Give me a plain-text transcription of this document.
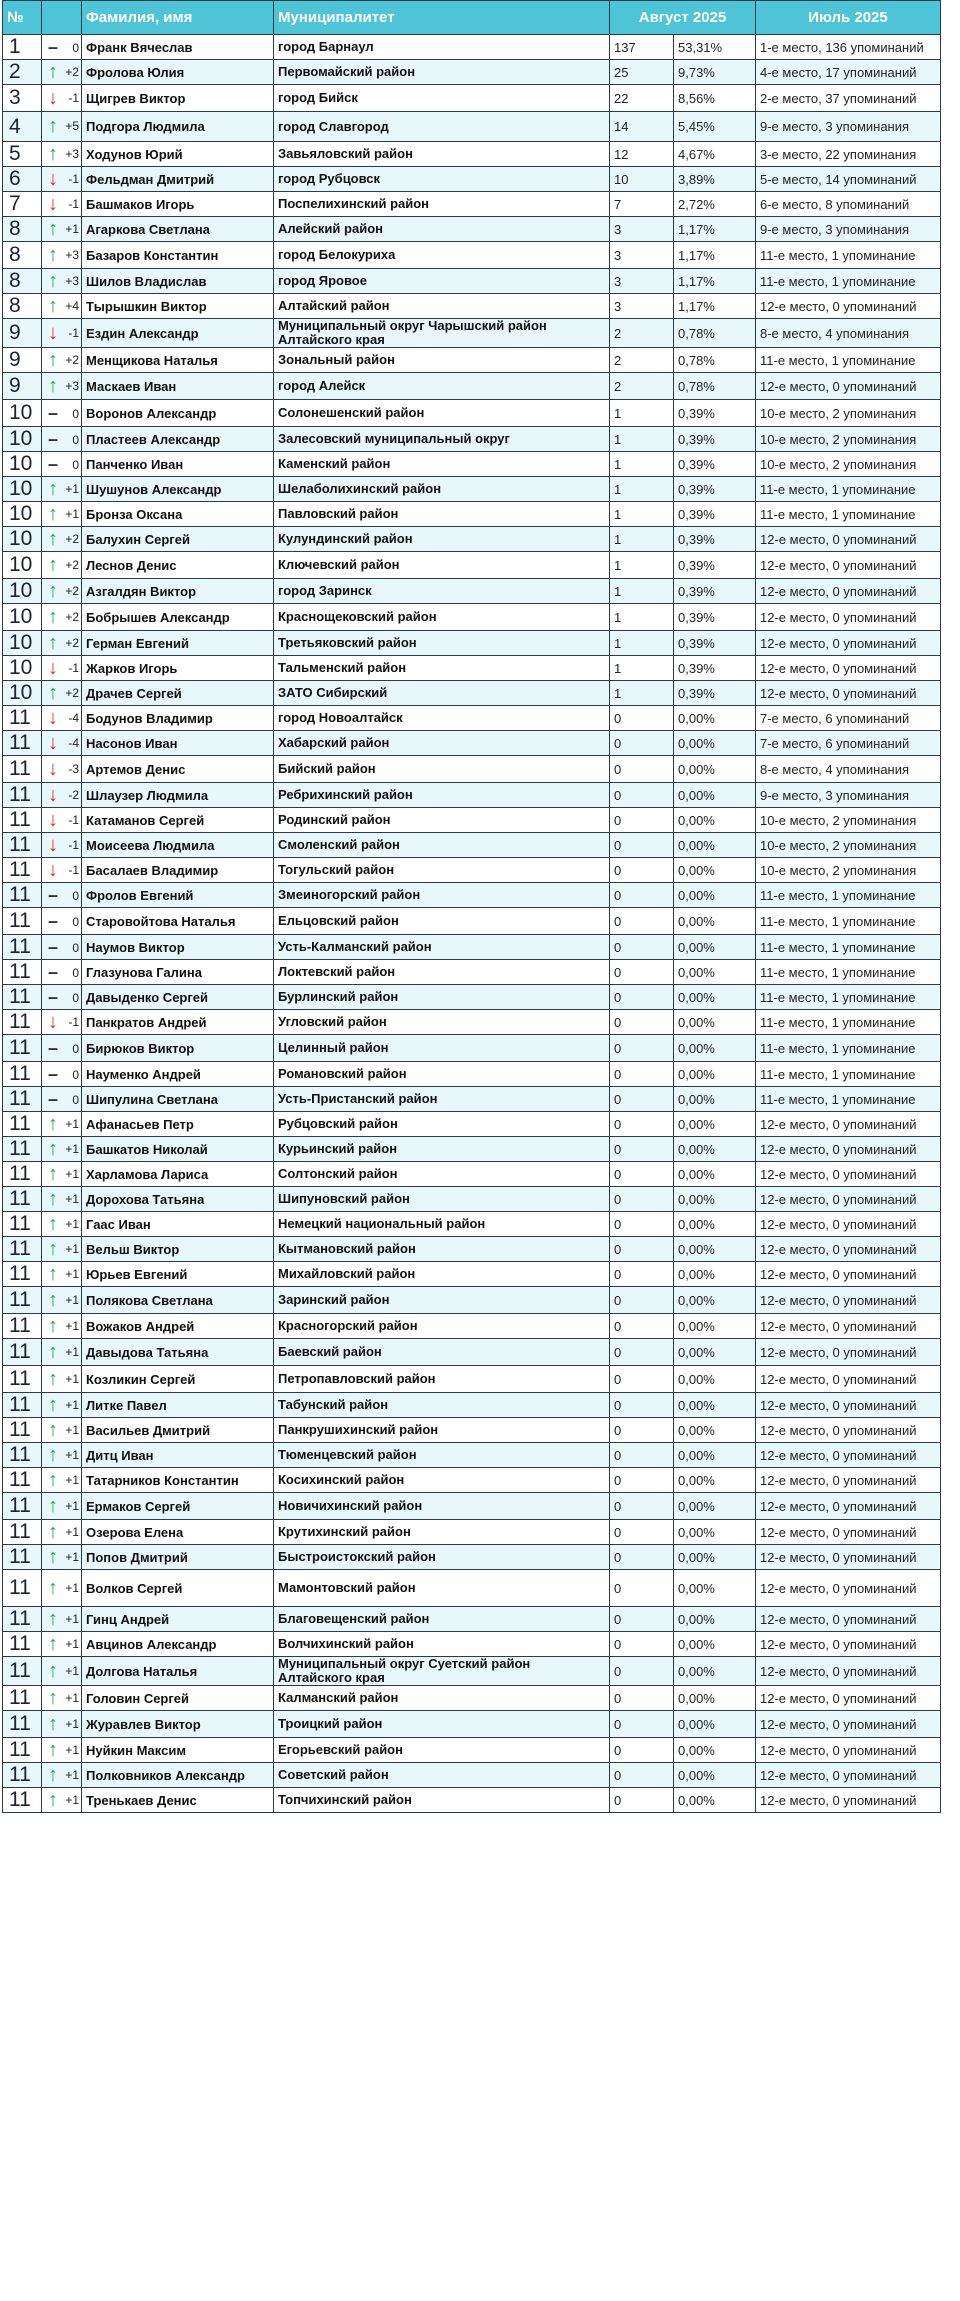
№		Фамилия, имя	Муниципалитет	Август 2025		Июль 2025
1	– 0	Франк Вячеслав	город Барнаул	137	53,31%	1-е место, 136 упоминаний
2	↑ +2	Фролова Юлия	Первомайский район	25	9,73%	4-е место, 17 упоминаний
3	↓ -1	Щигрев Виктор	город Бийск	22	8,56%	2-е место, 37 упоминаний
4	↑ +5	Подгора Людмила	город Славгород	14	5,45%	9-е место, 3 упоминания
5	↑ +3	Ходунов Юрий	Завьяловский район	12	4,67%	3-е место, 22 упоминания
6	↓ -1	Фельдман Дмитрий	город Рубцовск	10	3,89%	5-е место, 14 упоминаний
7	↓ -1	Башмаков Игорь	Поспелихинский район	7	2,72%	6-е место, 8 упоминаний
8	↑ +1	Агаркова Светлана	Алейский район	3	1,17%	9-е место, 3 упоминания
8	↑ +3	Базаров Константин	город Белокуриха	3	1,17%	11-е место, 1 упоминание
8	↑ +3	Шилов Владислав	город Яровое	3	1,17%	11-е место, 1 упоминание
8	↑ +4	Тырышкин Виктор	Алтайский район	3	1,17%	12-е место, 0 упоминаний
9	↓ -1	Ездин Александр	Муниципальный округ Чарышский район Алтайского края	2	0,78%	8-е место, 4 упоминания
9	↑ +2	Менщикова Наталья	Зональный район	2	0,78%	11-е место, 1 упоминание
9	↑ +3	Маскаев Иван	город Алейск	2	0,78%	12-е место, 0 упоминаний
10	– 0	Воронов Александр	Солонешенский район	1	0,39%	10-е место, 2 упоминания
10	– 0	Пластеев Александр	Залесовский муниципальный округ	1	0,39%	10-е место, 2 упоминания
10	– 0	Панченко Иван	Каменский район	1	0,39%	10-е место, 2 упоминания
10	↑ +1	Шушунов Александр	Шелаболихинский район	1	0,39%	11-е место, 1 упоминание
10	↑ +1	Бронза Оксана	Павловский район	1	0,39%	11-е место, 1 упоминание
10	↑ +2	Балухин Сергей	Кулундинский район	1	0,39%	12-е место, 0 упоминаний
10	↑ +2	Леснов Денис	Ключевский район	1	0,39%	12-е место, 0 упоминаний
10	↑ +2	Азгалдян Виктор	город Заринск	1	0,39%	12-е место, 0 упоминаний
10	↑ +2	Бобрышев Александр	Краснощековский район	1	0,39%	12-е место, 0 упоминаний
10	↑ +2	Герман Евгений	Третьяковский район	1	0,39%	12-е место, 0 упоминаний
10	↓ -1	Жарков Игорь	Тальменский район	1	0,39%	12-е место, 0 упоминаний
10	↑ +2	Драчев Сергей	ЗАТО Сибирский	1	0,39%	12-е место, 0 упоминаний
11	↓ -4	Бодунов Владимир	город Новоалтайск	0	0,00%	7-е место, 6 упоминаний
11	↓ -4	Насонов Иван	Хабарский район	0	0,00%	7-е место, 6 упоминаний
11	↓ -3	Артемов Денис	Бийский район	0	0,00%	8-е место, 4 упоминания
11	↓ -2	Шлаузер Людмила	Ребрихинский район	0	0,00%	9-е место, 3 упоминания
11	↓ -1	Катаманов Сергей	Родинский район	0	0,00%	10-е место, 2 упоминания
11	↓ -1	Моисеева Людмила	Смоленский район	0	0,00%	10-е место, 2 упоминания
11	↓ -1	Басалаев Владимир	Тогульский район	0	0,00%	10-е место, 2 упоминания
11	– 0	Фролов Евгений	Змеиногорский район	0	0,00%	11-е место, 1 упоминание
11	– 0	Старовойтова Наталья	Ельцовский район	0	0,00%	11-е место, 1 упоминание
11	– 0	Наумов Виктор	Усть-Калманский район	0	0,00%	11-е место, 1 упоминание
11	– 0	Глазунова Галина	Локтевский район	0	0,00%	11-е место, 1 упоминание
11	– 0	Давыденко Сергей	Бурлинский район	0	0,00%	11-е место, 1 упоминание
11	↓ -1	Панкратов Андрей	Угловский район	0	0,00%	11-е место, 1 упоминание
11	– 0	Бирюков Виктор	Целинный район	0	0,00%	11-е место, 1 упоминание
11	– 0	Науменко Андрей	Романовский район	0	0,00%	11-е место, 1 упоминание
11	– 0	Шипулина Светлана	Усть-Пристанский район	0	0,00%	11-е место, 1 упоминание
11	↑ +1	Афанасьев Петр	Рубцовский район	0	0,00%	12-е место, 0 упоминаний
11	↑ +1	Башкатов Николай	Курьинский район	0	0,00%	12-е место, 0 упоминаний
11	↑ +1	Харламова Лариса	Солтонский район	0	0,00%	12-е место, 0 упоминаний
11	↑ +1	Дорохова Татьяна	Шипуновский район	0	0,00%	12-е место, 0 упоминаний
11	↑ +1	Гаас Иван	Немецкий национальный район	0	0,00%	12-е место, 0 упоминаний
11	↑ +1	Вельш Виктор	Кытмановский район	0	0,00%	12-е место, 0 упоминаний
11	↑ +1	Юрьев Евгений	Михайловский район	0	0,00%	12-е место, 0 упоминаний
11	↑ +1	Полякова Светлана	Заринский район	0	0,00%	12-е место, 0 упоминаний
11	↑ +1	Вожаков Андрей	Красногорский район	0	0,00%	12-е место, 0 упоминаний
11	↑ +1	Давыдова Татьяна	Баевский район	0	0,00%	12-е место, 0 упоминаний
11	↑ +1	Козликин Сергей	Петропавловский район	0	0,00%	12-е место, 0 упоминаний
11	↑ +1	Литке Павел	Табунский район	0	0,00%	12-е место, 0 упоминаний
11	↑ +1	Васильев Дмитрий	Панкрушихинский район	0	0,00%	12-е место, 0 упоминаний
11	↑ +1	Дитц Иван	Тюменцевский район	0	0,00%	12-е место, 0 упоминаний
11	↑ +1	Татарников Константин	Косихинский район	0	0,00%	12-е место, 0 упоминаний
11	↑ +1	Ермаков Сергей	Новичихинский район	0	0,00%	12-е место, 0 упоминаний
11	↑ +1	Озерова Елена	Крутихинский район	0	0,00%	12-е место, 0 упоминаний
11	↑ +1	Попов Дмитрий	Быстроистокский район	0	0,00%	12-е место, 0 упоминаний
11	↑ +1	Волков Сергей	Мамонтовский район	0	0,00%	12-е место, 0 упоминаний
11	↑ +1	Гинц Андрей	Благовещенский район	0	0,00%	12-е место, 0 упоминаний
11	↑ +1	Авцинов Александр	Волчихинский район	0	0,00%	12-е место, 0 упоминаний
11	↑ +1	Долгова Наталья	Муниципальный округ Суетский район Алтайского края	0	0,00%	12-е место, 0 упоминаний
11	↑ +1	Головин Сергей	Калманский район	0	0,00%	12-е место, 0 упоминаний
11	↑ +1	Журавлев Виктор	Троицкий район	0	0,00%	12-е место, 0 упоминаний
11	↑ +1	Нуйкин Максим	Егорьевский район	0	0,00%	12-е место, 0 упоминаний
11	↑ +1	Полковников Александр	Советский район	0	0,00%	12-е место, 0 упоминаний
11	↑ +1	Тренькаев Денис	Топчихинский район	0	0,00%	12-е место, 0 упоминаний
